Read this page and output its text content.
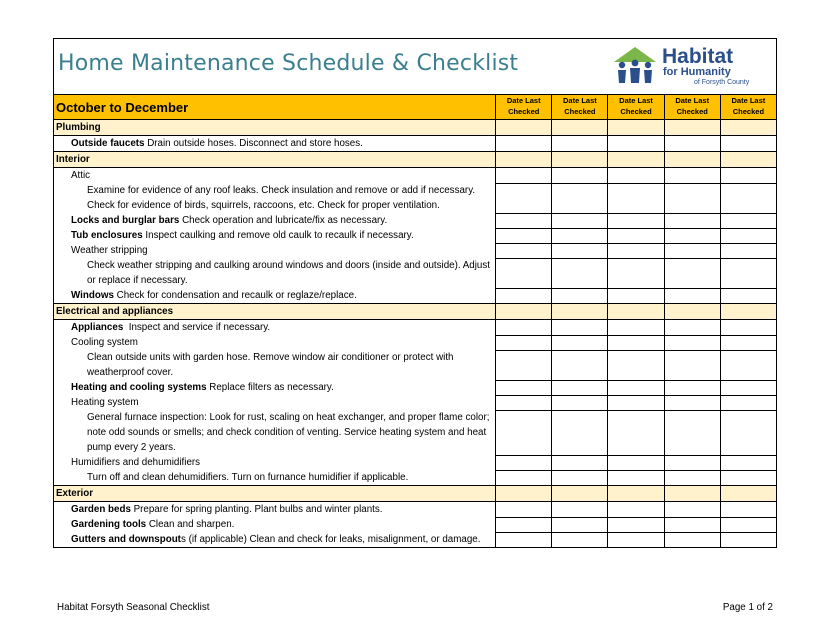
Home Maintenance Schedule & Checklist	Habitat
for Humanity
of Forsyth County
October to December	Date Last Checked	Date Last Checked	Date Last Checked	Date Last Checked	Date Last Checked
Plumbing					
Outside faucets Drain outside hoses. Disconnect and store hoses.					
Interior					
Attic					
Examine for evidence of any roof leaks. Check insulation and remove or add if necessary. Check for evidence of birds, squirrels, raccoons, etc. Check for proper ventilation.					
Locks and burglar bars Check operation and lubricate/fix as necessary.					
Tub enclosures Inspect caulking and remove old caulk to recaulk if necessary.					
Weather stripping					
Check weather stripping and caulking around windows and doors (inside and outside). Adjust or replace if necessary.					
Windows Check for condensation and recaulk or reglaze/replace.					
Electrical and appliances					
Appliances  Inspect and service if necessary.					
Cooling system					
Clean outside units with garden hose. Remove window air conditioner or protect with weatherproof cover.					
Heating and cooling systems Replace filters as necessary.					
Heating system					
General furnace inspection: Look for rust, scaling on heat exchanger, and proper flame color; note odd sounds or smells; and check condition of venting. Service heating system and heat pump every 2 years.					
Humidifiers and dehumidifiers					
Turn off and clean dehumidifiers. Turn on furnance humidifier if applicable.					
Exterior					
Garden beds Prepare for spring planting. Plant bulbs and winter plants.					
Gardening tools Clean and sharpen.					
Gutters and downspouts (if applicable) Clean and check for leaks, misalignment, or damage.					
Habitat Forsyth Seasonal Checklist	Page 1 of 2
